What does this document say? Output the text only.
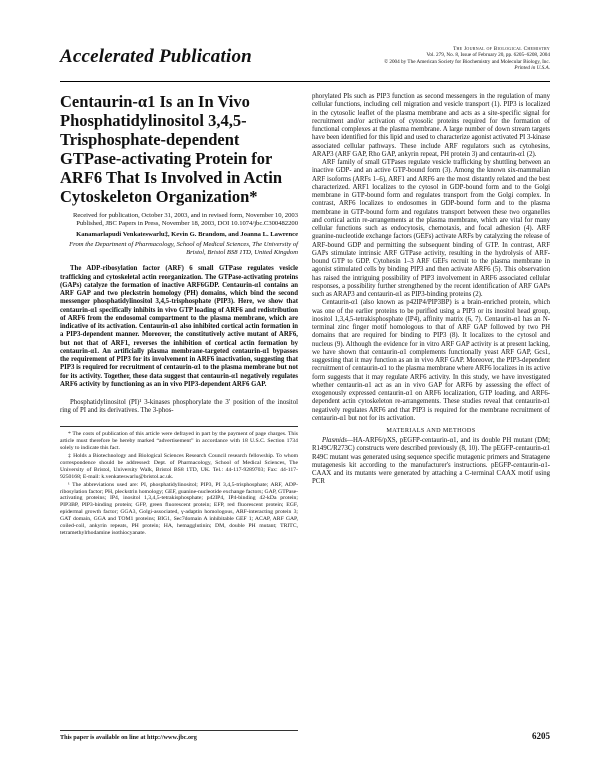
Accelerated Publication	The Journal of Biological Chemistry
Vol. 279, No. 8, Issue of February 20, pp. 6205–6208, 2004
© 2004 by The American Society for Biochemistry and Molecular Biology, Inc.
Printed in U.S.A.
Centaurin-α1 Is an In Vivo Phosphatidylinositol 3,4,5-Trisphosphate-dependent GTPase-activating Protein for ARF6 That Is Involved in Actin Cytoskeleton Organization*
Received for publication, October 31, 2003, and in revised form, November 10, 2003
Published, JBC Papers in Press, November 18, 2003, DOI 10.1074/jbc.C300482200
Kanamarlapudi Venkateswarlu‡, Kevin G. Brandom, and Joanna L. Lawrence
From the Department of Pharmacology, School of Medical Sciences, The University of Bristol, Bristol BS8 1TD, United Kingdom
The ADP-ribosylation factor (ARF) 6 small GTPase regulates vesicle trafficking and cytoskeletal actin reorganization. The GTPase-activating proteins (GAPs) catalyze the formation of inactive ARF6GDP. Centaurin-α1 contains an ARF GAP and two pleckstrin homology (PH) domains, which bind the second messenger phosphatidylinositol 3,4,5-trisphosphate (PIP3). Here, we show that centaurin-α1 specifically inhibits in vivo GTP loading of ARF6 and redistribution of ARF6 from the endosomal compartment to the plasma membrane, which are indicative of its activation. Centaurin-α1 also inhibited cortical actin formation in a PIP3-dependent manner. Moreover, the constitutively active mutant of ARF6, but not that of ARF1, reverses the inhibition of cortical actin formation by centaurin-α1. An artificially plasma membrane-targeted centaurin-α1 bypasses the requirement of PIP3 for its involvement in ARF6 inactivation, suggesting that PIP3 is required for recruitment of centaurin-α1 to the plasma membrane but not for its activity. Together, these data suggest that centaurin-α1 negatively regulates ARF6 activity by functioning as an in vivo PIP3-dependent ARF6 GAP.
Phosphatidylinositol (PI)¹ 3-kinases phosphorylate the 3′ position of the inositol ring of PI and its derivatives. The 3-phos-

* The costs of publication of this article were defrayed in part by the payment of page charges. This article must therefore be hereby marked “advertisement” in accordance with 18 U.S.C. Section 1734 solely to indicate this fact.

‡ Holds a Biotechnology and Biological Sciences Research Council research fellowship. To whom correspondence should be addressed: Dept. of Pharmacology, School of Medical Sciences, The University of Bristol, University Walk, Bristol BS8 1TD, UK. Tel.: 44-117-9289703; Fax: 44-117-9250168; E-mail: k.venkateswarlu@bristol.ac.uk.

¹ The abbreviations used are: PI, phosphatidylinositol; PIP3, PI 3,4,5-trisphosphate; ARF, ADP-ribosylation factor; PH, pleckstrin homology; GEF, guanine-nucleotide exchange factors; GAP, GTPase-activating proteins; IP4, inositol 1,3,4,5-tetrakisphosphate; p42IP4, IP4-binding 42-kDa protein; PIP3BP, PIP3-binding protein; GFP, green fluorescent protein; EFP, red fluorescent protein; EGF, epidermal growth factor; GGA3, Golgi-associated, γ-adaptin homologous, ARF-interacting protein 3; GAT domain, GGA and TOM1 proteins; BIG1, Sec7domain A inhibitable GEF 1; ACAP, ARF GAP, coiled-coil, ankyrin repeats, PH protein; HA, hemagglutinin; DM, double PH mutant; TRITC, tetramethylrhodamine isothiocyanate.

phorylated PIs such as PIP3 function as second messengers in the regulation of many cellular functions, including cell migration and vesicle transport (1). PIP3 is localized in the cytosolic leaflet of the plasma membrane and acts as a site-specific signal for recruitment and/or activation of cytosolic proteins required for the formation of functional complexes at the plasma membrane. A large number of down stream targets have been identified for this lipid and used to characterize agonist activated PI 3-kinase associated cellular pathways. These include ARF regulators such as cytohesins, ARAP3 (ARF GAP, Rho GAP, ankyrin repeat, PH protein 3) and centaurin-α1 (2).

ARF family of small GTPases regulate vesicle trafficking by shuttling between an inactive GDP- and an active GTP-bound form (3). Among the known six-mammalian ARF isoforms (ARFs 1–6), ARF1 and ARF6 are the most distantly related and the best characterized. ARF1 localizes to the cytosol in GDP-bound form and to the Golgi membrane in GTP-bound form and regulates transport from the Golgi complex. In contrast, ARF6 localizes to endosomes in GDP-bound form and to the plasma membrane in GTP-bound form and regulates transport between these two organelles and cortical actin re-arrangements at the plasma membrane, which are vital for many cellular functions such as endocytosis, chemotaxis, and focal adhesion (4). ARF guanine-nucleotide exchange factors (GEFs) activate ARFs by catalyzing the release of ARF-bound GDP and permitting the subsequent binding of GTP. In contrast, ARF GAPs stimulate intrinsic ARF GTPase activity, resulting in the hydrolysis of ARF-bound GTP to GDP. Cytohesin 1–3 ARF GEFs recruit to the plasma membrane in agonist stimulated cells by binding PIP3 and then activate ARF6 (5). This observation has raised the intriguing possibility of PIP3 involvement in ARF6 associated cellular responses, a possibility further strengthened by the recent identification of ARF GAPs such as ARAP3 and centaurin-α1 as PIP3-binding proteins (2).

Centaurin-α1 (also known as p42IP4/PIP3BP) is a brain-enriched protein, which was one of the earlier proteins to be purified using a PIP3 or its inositol head group, inositol 1,3,4,5-tetrakisphosphate (IP4), affinity matrix (6, 7). Centaurin-α1 has an N-terminal zinc finger motif homologous to that of ARF GAP followed by two PH domains that are required for binding to PIP3 (8). It localizes to the cytosol and nucleus (9). Although the evidence for in vitro ARF GAP activity is at present lacking, we have shown that centaurin-α1 complements functionally yeast ARF GAP, Gcs1, suggesting that it may function as an in vivo ARF GAP. Moreover, the PIP3-dependent recruitment of centaurin-α1 to the plasma membrane where ARF6 localizes in its active form suggests that it may regulate ARF6 activity. In this study, we have investigated whether centaurin-α1 act as an in vivo GAP for ARF6 by assessing the effect of exogenously expressed centaurin-α1 on ARF6 localization, GTP loading, and ARF6-dependent actin cytoskeleton re-arrangements. These studies reveal that centaurin-α1 negatively regulates ARF6 and that PIP3 is required for the membrane recruitment of centaurin-α1 but not for its activation.

MATERIALS AND METHODS

Plasmids—HA-ARF6/pXS, pEGFP-centaurin-α1, and its double PH mutant (DM; R149C/R273C) constructs were described previously (8, 10). The pEGFP-centaurin-α1 R49C mutant was generated using sequence specific mutagenic primers and Stratagene mutagenesis kit according to the manufacturer's instructions. pEGFP-centaurin-α1-CAAX and its mutants were generated by attaching a C-terminal CAAX motif using PCR

This paper is available on line at http://www.jbc.org	6205
